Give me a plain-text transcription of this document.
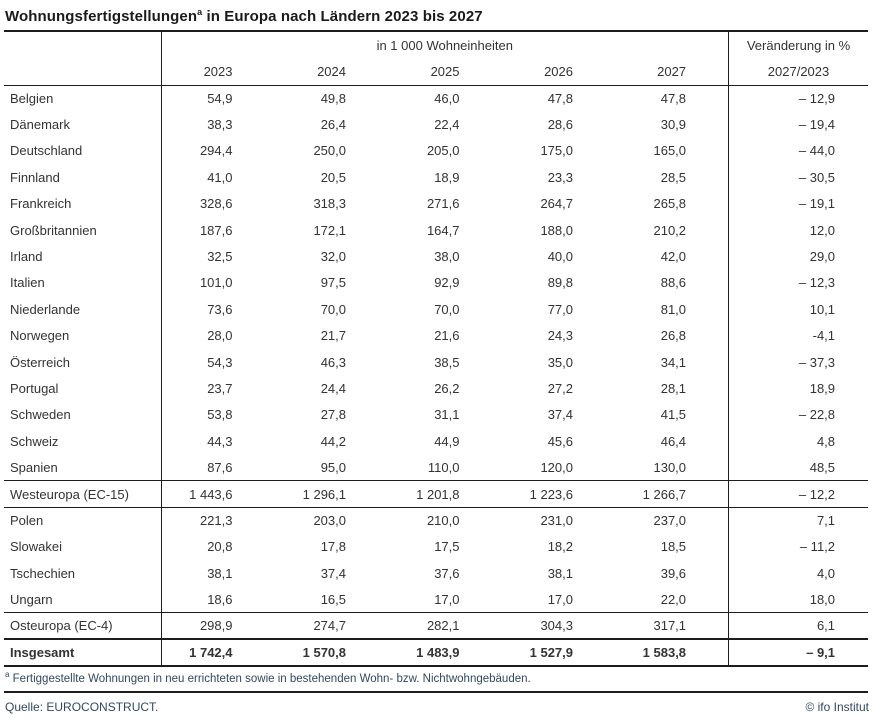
Wohnungsfertigstellungen$^a$ in Europa nach Ländern 2023 bis 2027
	in 1 000 Wohneinheiten					Veränderung in %
	2023	2024	2025	2026	2027	2027/2023
Belgien	54,9	49,8	46,0	47,8	47,8	– 12,9
Dänemark	38,3	26,4	22,4	28,6	30,9	– 19,4
Deutschland	294,4	250,0	205,0	175,0	165,0	– 44,0
Finnland	41,0	20,5	18,9	23,3	28,5	– 30,5
Frankreich	328,6	318,3	271,6	264,7	265,8	– 19,1
Großbritannien	187,6	172,1	164,7	188,0	210,2	12,0
Irland	32,5	32,0	38,0	40,0	42,0	29,0
Italien	101,0	97,5	92,9	89,8	88,6	– 12,3
Niederlande	73,6	70,0	70,0	77,0	81,0	10,1
Norwegen	28,0	21,7	21,6	24,3	26,8	-4,1
Österreich	54,3	46,3	38,5	35,0	34,1	– 37,3
Portugal	23,7	24,4	26,2	27,2	28,1	18,9
Schweden	53,8	27,8	31,1	37,4	41,5	– 22,8
Schweiz	44,3	44,2	44,9	45,6	46,4	4,8
Spanien	87,6	95,0	110,0	120,0	130,0	48,5
Westeuropa (EC-15)	1 443,6	1 296,1	1 201,8	1 223,6	1 266,7	– 12,2
Polen	221,3	203,0	210,0	231,0	237,0	7,1
Slowakei	20,8	17,8	17,5	18,2	18,5	– 11,2
Tschechien	38,1	37,4	37,6	38,1	39,6	4,0
Ungarn	18,6	16,5	17,0	17,0	22,0	18,0
Osteuropa (EC-4)	298,9	274,7	282,1	304,3	317,1	6,1
Insgesamt	1 742,4	1 570,8	1 483,9	1 527,9	1 583,8	– 9,1
$^a$ Fertiggestellte Wohnungen in neu errichteten sowie in bestehenden Wohn- bzw. Nichtwohngebäuden.
Quelle: EUROCONSTRUCT.	© ifo Institut
